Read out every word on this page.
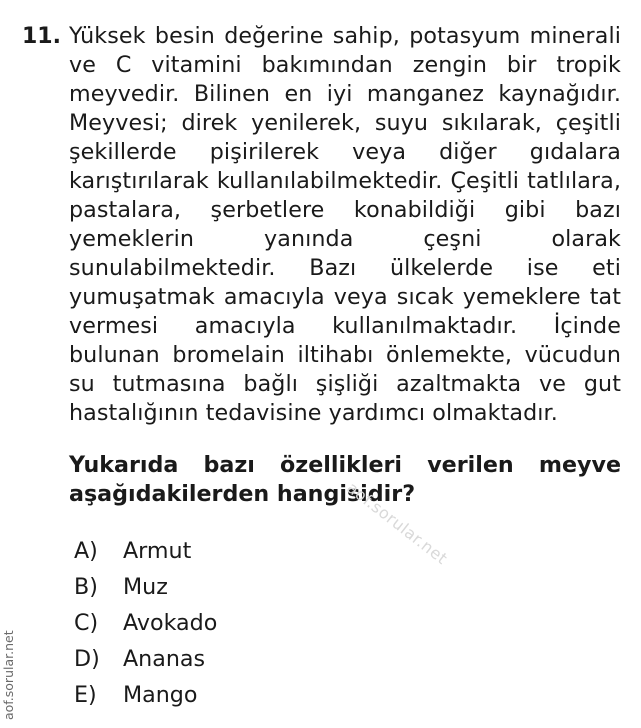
11. Yüksek besin değerine sahip, potasyum minerali ve C vitamini bakımından zengin bir tropik meyvedir. Bilinen en iyi manganez kaynağıdır. Meyvesi; direk yenilerek, suyu sıkılarak, çeşitli şekillerde pişirilerek veya diğer gıdalara karıştırılarak kullanılabilmektedir. Çeşitli tatlılara, pastalara, şerbetlere konabildiği gibi bazı yemeklerin yanında çeşni olarak sunulabilmektedir. Bazı ülkelerde ise eti yumuşatmak amacıyla veya sıcak yemeklere tat vermesi amacıyla kullanılmaktadır. İçinde bulunan bromelain iltihabı önlemekte, vücudun su tutmasına bağlı şişliği azaltmakta ve gut hastalığının tedavisine yardımcı olmaktadır.
Yukarıda bazı özellikleri verilen meyve aşağıdakilerden hangisidir?
A)	Armut
B)	Muz
C)	Avokado
D)	Ananas
E)	Mango
aof.sorular.net
aof.sorular.net
